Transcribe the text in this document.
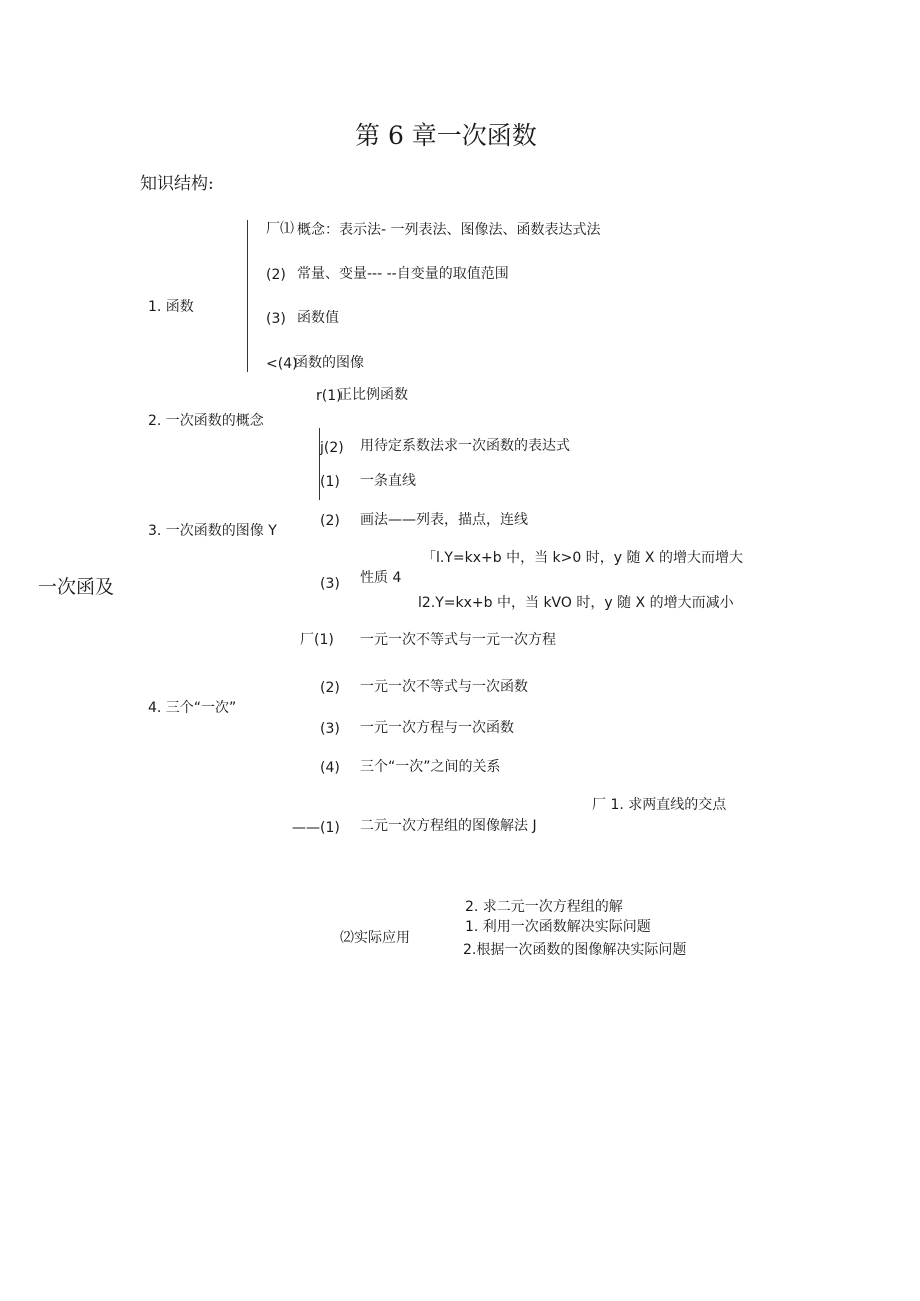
第 6 章一次函数
知识结构:
一次函及
1. 函数
厂⑴ 概念：表示法- 一列表法、图像法、函数表达式法
(2) 常量、变量--- --自变量的取值范围
(3) 函数值
<(4)
函数的图像
2. 一次函数的概念
r(1)
正比例函数
j(2) 用待定系数法求一次函数的表达式
3. 一次函数的图像 Y
(1) 一条直线
(2) 画法——列表，描点，连线
「l.Y=kx+b 中，当 k>0 时，y 随 X 的增大而增大
(3) 性质 4
l2.Y=kx+b 中，当 kVO 时，y 随 X 的增大而减小
4. 三个“一次”
厂(1) 一元一次不等式与一元一次方程
(2) 一元一次不等式与一次函数
(3) 一元一次方程与一次函数
(4) 三个“一次”之间的关系
厂 1. 求两直线的交点
——(1) 二元一次方程组的图像解法 J
2. 求二元一次方程组的解
1. 利用一次函数解决实际问题
⑵实际应用
2.根据一次函数的图像解决实际问题
